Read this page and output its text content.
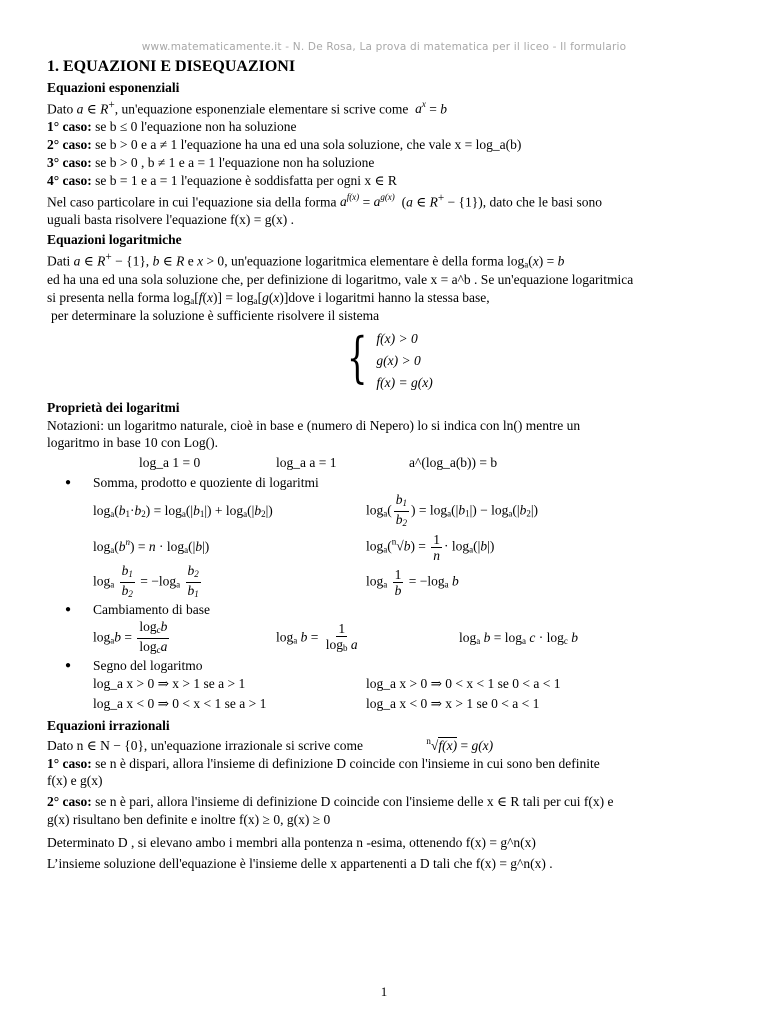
www.matematicamente.it - N. De Rosa, La prova di matematica per il liceo - Il formulario
1. EQUAZIONI E DISEQUAZIONI
Equazioni esponenziali

Dato a ∈ R+, un'equazione esponenziale elementare si scrive come $a^x = b$

1° caso: se b ≤ 0 l'equazione non ha soluzione

2° caso: se b > 0 e a ≠ 1 l'equazione ha una ed una sola soluzione, che vale x = log_a(b)

3° caso: se b > 0 , b ≠ 1 e a = 1 l'equazione non ha soluzione

4° caso: se b = 1 e a = 1 l'equazione è soddisfatta per ogni x ∈ R

Nel caso particolare in cui l'equazione sia della forma $a^{f(x)} = a^{g(x)}$  (a ∈ R+ − {1}), dato che le basi sono

uguali basta risolvere l'equazione f(x) = g(x) .

Equazioni logaritmiche

Dati a ∈ R+ − {1}, b ∈ R e x > 0, un'equazione logaritmica elementare è della forma loga(x) = b

ed ha una ed una sola soluzione che, per definizione di logaritmo, vale x = a^b . Se un'equazione logaritmica

si presenta nella forma loga[f(x)] = loga[g(x)]dove i logaritmi hanno la stessa base,

per determinare la soluzione è sufficiente risolvere il sistema

{ f(x) > 0
g(x) > 0
f(x) = g(x)
Proprietà dei logaritmi

Notazioni: un logaritmo naturale, cioè in base e (numero di Nepero) lo si indica con ln() mentre un

logaritmo in base 10 con Log().

log_a 1 = 0	log_a a = 1	a^(log_a(b)) = b
●	Somma, prodotto e quoziente di logaritmi
loga(b1·b2) = loga(|b1|) + loga(|b2|)	$\log a( \frac{b1}{b2}$ ) = loga(|b1|) − loga(|b2|)
$\log a(b^n) = n \cdot \log a(|b|)$	$\log a(^n√b) = \frac{1}{n} \cdot \log a(|b|)$
loga $\frac{b1}{b2} = -\log a \frac{b2}{b1}$	loga $\frac{1}{b} = -\log a$ b
●	Cambiamento di base
logab = $\frac{\text{logcb}}{\text{logca}}$	loga $b = \frac{1}{\text{logb a}}$	loga b = loga c · logc b
●	Segno del logaritmo
log_a x > 0 ⇒ x > 1 se a > 1	log_a x > 0 ⇒ 0 < x < 1 se 0 < a < 1
log_a x < 0 ⇒ 0 < x < 1 se a > 1	log_a x < 0 ⇒ x > 1 se 0 < a < 1
Equazioni irrazionali

Dato n ∈ N − {0}, un'equazione irrazionale si scrive come	$^n$√f(x) = g(x)

1° caso: se n è dispari, allora l'insieme di definizione D coincide con l'insieme in cui sono ben definite

f(x) e g(x)

2° caso: se n è pari, allora l'insieme di definizione D coincide con l'insieme delle x ∈ R tali per cui f(x) e

g(x) risultano ben definite e inoltre f(x) ≥ 0, g(x) ≥ 0

Determinato D , si elevano ambo i membri alla pontenza n -esima, ottenendo f(x) = g^n(x)

L’insieme soluzione dell'equazione è l'insieme delle x appartenenti a D tali che f(x) = g^n(x) .

1
